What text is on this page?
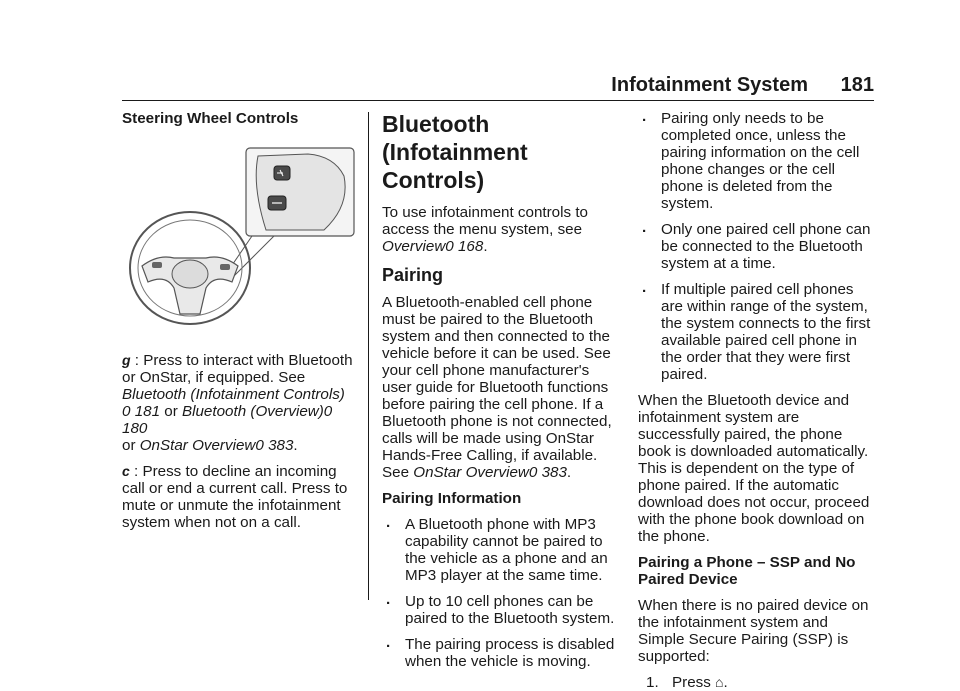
Infotainment System 181
Steering Wheel Controls

g : Press to interact with Bluetooth or OnStar, if equipped. See Bluetooth (Infotainment Controls)
0 181 or Bluetooth (Overview)0 180
or OnStar Overview0 383.

c : Press to decline an incoming call or end a current call. Press to mute or unmute the infotainment system when not on a call.

Bluetooth (Infotainment Controls)

To use infotainment controls to access the menu system, see Overview0 168.

Pairing

A Bluetooth-enabled cell phone must be paired to the Bluetooth system and then connected to the vehicle before it can be used. See your cell phone manufacturer's user guide for Bluetooth functions before pairing the cell phone. If a Bluetooth phone is not connected, calls will be made using OnStar Hands-Free Calling, if available. See OnStar Overview0 383.

Pairing Information
. A Bluetooth phone with MP3 capability cannot be paired to the vehicle as a phone and an MP3 player at the same time.
. Up to 10 cell phones can be paired to the Bluetooth system.
. The pairing process is disabled when the vehicle is moving.
. Pairing only needs to be completed once, unless the pairing information on the cell phone changes or the cell phone is deleted from the system.
. Only one paired cell phone can be connected to the Bluetooth system at a time.
. If multiple paired cell phones are within range of the system, the system connects to the first available paired cell phone in the order that they were first paired.

When the Bluetooth device and infotainment system are successfully paired, the phone book is downloaded automatically. This is dependent on the type of phone paired. If the automatic download does not occur, proceed with the phone book download on the phone.

Pairing a Phone – SSP and No Paired Device

When there is no paired device on the infotainment system and Simple Secure Pairing (SSP) is supported:

1. Press ⌂.
